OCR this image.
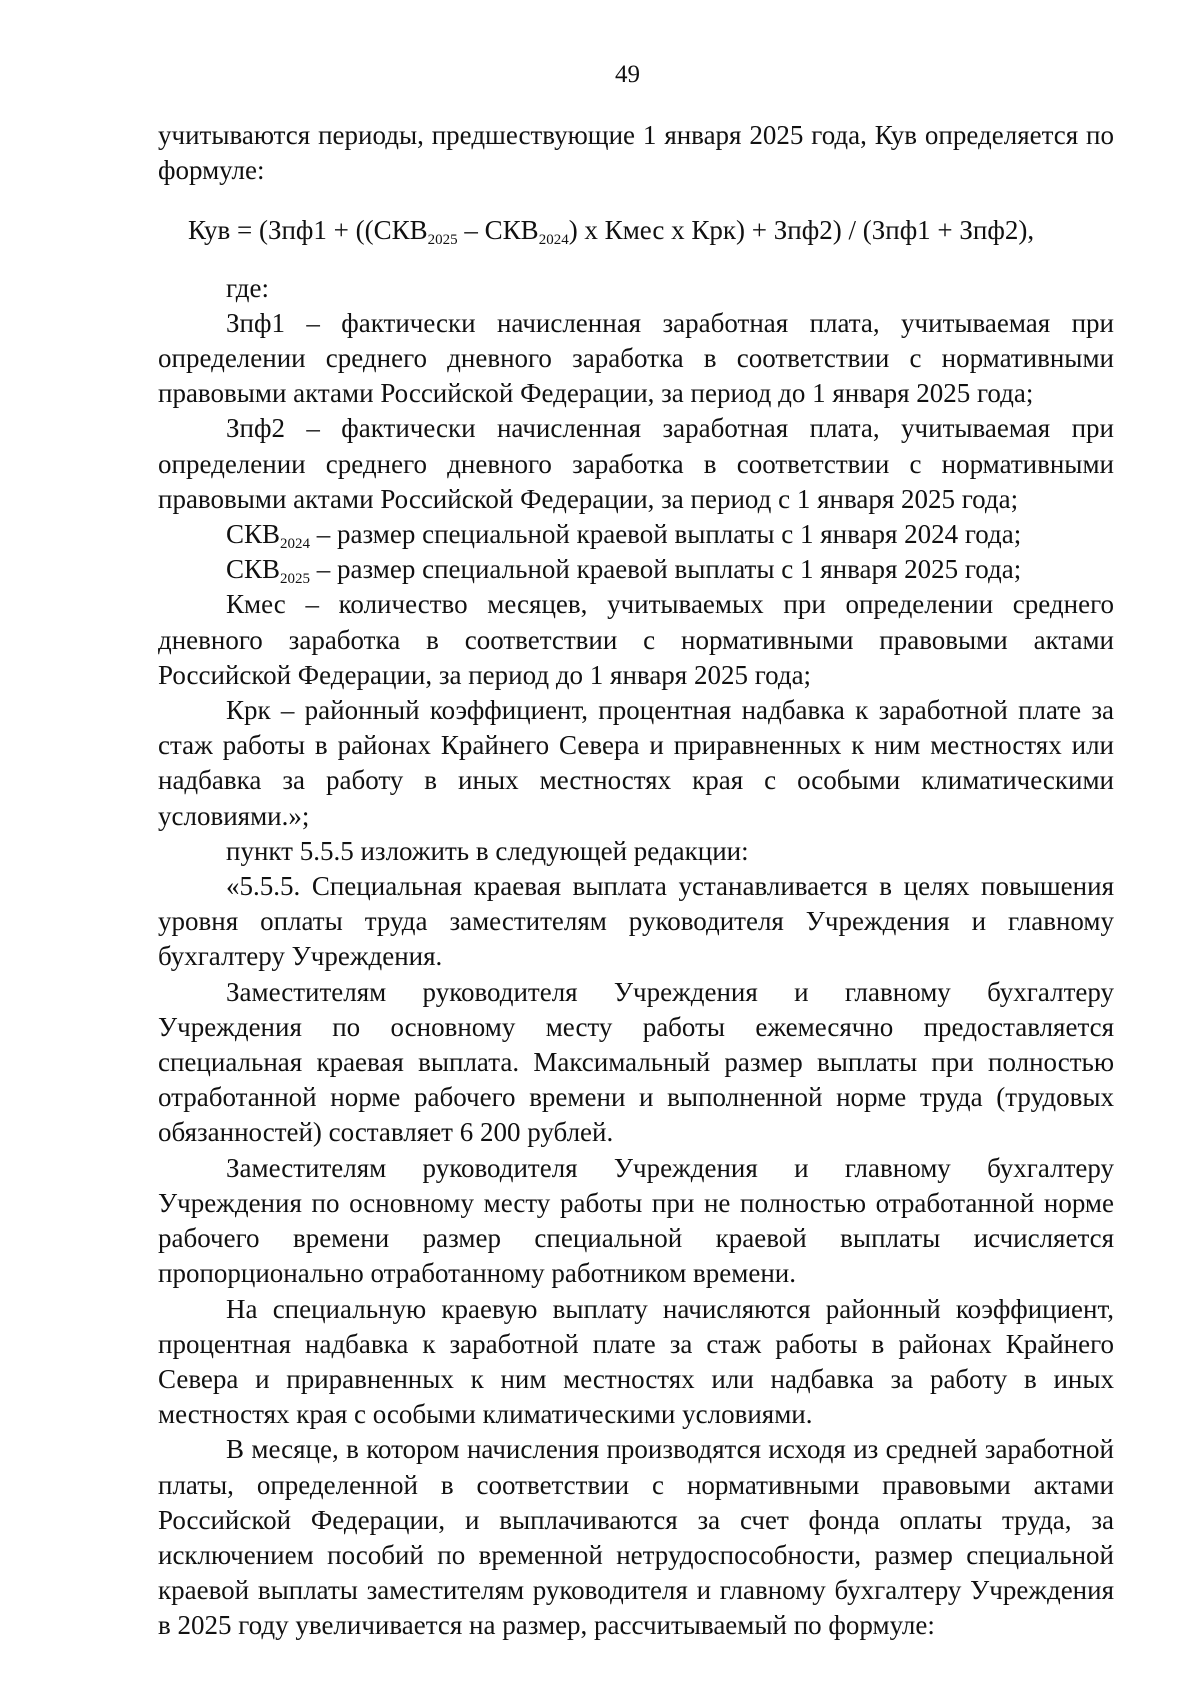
49

учитываются периоды, предшествующие 1 января 2025 года, Кув определяется по формуле:

Кув = ($Зпф1 + ((СКВ_{2025} - СКВ_{2024})$ х Кмес х Крк) + Зпф2) / (Зпф1 + Зпф2),

где:

Зпф1 – фактически начисленная заработная плата, учитываемая при определении среднего дневного заработка в соответствии с нормативными правовыми актами Российской Федерации, за период до 1 января 2025 года;

Зпф2 – фактически начисленная заработная плата, учитываемая при определении среднего дневного заработка в соответствии с нормативными правовыми актами Российской Федерации, за период с 1 января 2025 года;

$СКВ_{2024}$ – размер специальной краевой выплаты с 1 января 2024 года;

$СКВ_{2025}$ – размер специальной краевой выплаты с 1 января 2025 года;

Кмес – количество месяцев, учитываемых при определении среднего дневного заработка в соответствии с нормативными правовыми актами Российской Федерации, за период до 1 января 2025 года;

Крк – районный коэффициент, процентная надбавка к заработной плате за стаж работы в районах Крайнего Севера и приравненных к ним местностях или надбавка за работу в иных местностях края с особыми климатическими условиями.»;

пункт 5.5.5 изложить в следующей редакции:

«5.5.5. Специальная краевая выплата устанавливается в целях повышения уровня оплаты труда заместителям руководителя Учреждения и главному бухгалтеру Учреждения.

Заместителям руководителя Учреждения и главному бухгалтеру Учреждения по основному месту работы ежемесячно предоставляется специальная краевая выплата. Максимальный размер выплаты при полностью отработанной норме рабочего времени и выполненной норме труда (трудовых обязанностей) составляет 6 200 рублей.

Заместителям руководителя Учреждения и главному бухгалтеру Учреждения по основному месту работы при не полностью отработанной норме рабочего времени размер специальной краевой выплаты исчисляется пропорционально отработанному работником времени.

На специальную краевую выплату начисляются районный коэффициент, процентная надбавка к заработной плате за стаж работы в районах Крайнего Севера и приравненных к ним местностях или надбавка за работу в иных местностях края с особыми климатическими условиями.

В месяце, в котором начисления производятся исходя из средней заработной платы, определенной в соответствии с нормативными правовыми актами Российской Федерации, и выплачиваются за счет фонда оплаты труда, за исключением пособий по временной нетрудоспособности, размер специальной краевой выплаты заместителям руководителя и главному бухгалтеру Учреждения в 2025 году увеличивается на размер, рассчитываемый по формуле:
